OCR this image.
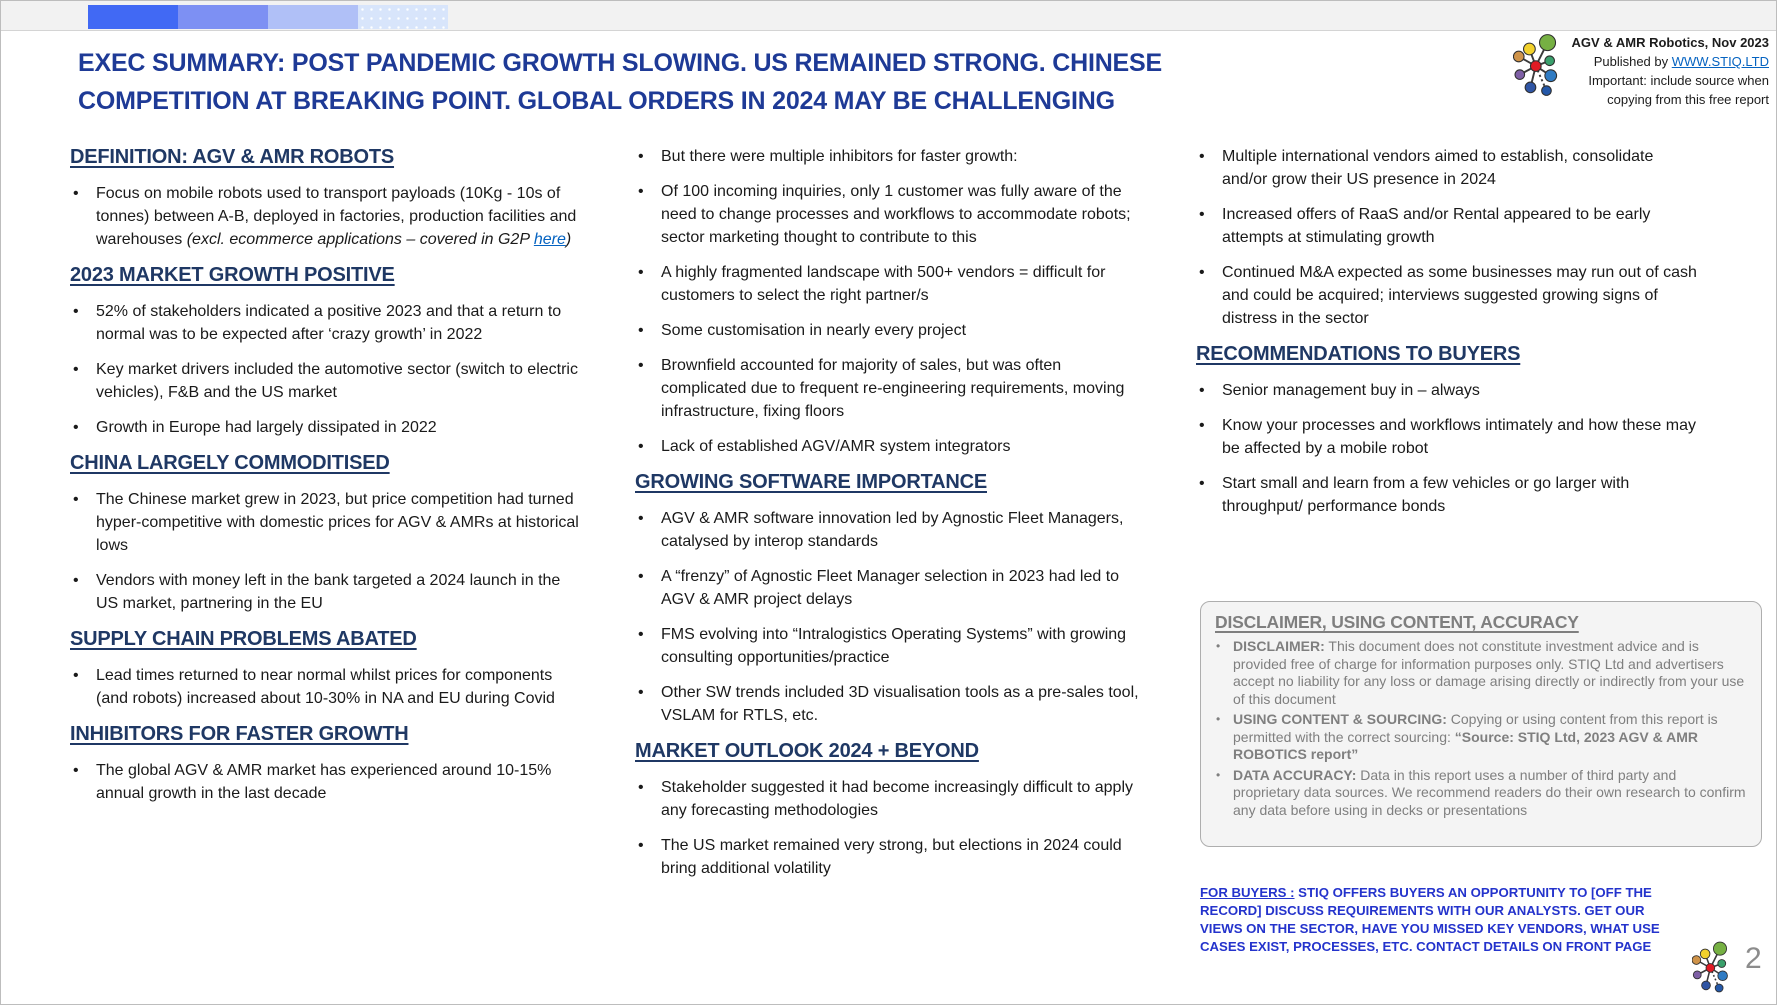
EXEC SUMMARY: POST PANDEMIC GROWTH SLOWING. US REMAINED STRONG. CHINESE
COMPETITION AT BREAKING POINT. GLOBAL ORDERS IN 2024 MAY BE CHALLENGING
AGV & AMR Robotics, Nov 2023
Published by WWW.STIQ.LTD
Important: include source when
copying from this free report
DEFINITION: AGV & AMR ROBOTS
•	Focus on mobile robots used to transport payloads (10Kg - 10s of tonnes) between A-B, deployed in factories, production facilities and warehouses (excl. ecommerce applications – covered in G2P here)
2023 MARKET GROWTH POSITIVE
•	52% of stakeholders indicated a positive 2023 and that a return to normal was to be expected after ‘crazy growth’ in 2022
•	Key market drivers included the automotive sector (switch to electric vehicles), F&B and the US market
•	Growth in Europe had largely dissipated in 2022
CHINA LARGELY COMMODITISED
•	The Chinese market grew in 2023, but price competition had turned hyper-competitive with domestic prices for AGV & AMRs at historical lows
•	Vendors with money left in the bank targeted a 2024 launch in the US market, partnering in the EU
SUPPLY CHAIN PROBLEMS ABATED
•	Lead times returned to near normal whilst prices for components (and robots) increased about 10-30% in NA and EU during Covid
INHIBITORS FOR FASTER GROWTH
•	The global AGV & AMR market has experienced around 10-15% annual growth in the last decade
•	But there were multiple inhibitors for faster growth:
•	Of 100 incoming inquiries, only 1 customer was fully aware of the need to change processes and workflows to accommodate robots; sector marketing thought to contribute to this
•	A highly fragmented landscape with 500+ vendors = difficult for customers to select the right partner/s
•	Some customisation in nearly every project
•	Brownfield accounted for majority of sales, but was often complicated due to frequent re-engineering requirements, moving infrastructure, fixing floors
•	Lack of established AGV/AMR system integrators
GROWING SOFTWARE IMPORTANCE
•	AGV & AMR software innovation led by Agnostic Fleet Managers, catalysed by interop standards
•	A “frenzy” of Agnostic Fleet Manager selection in 2023 had led to AGV & AMR project delays
•	FMS evolving into “Intralogistics Operating Systems” with growing consulting opportunities/practice
•	Other SW trends included 3D visualisation tools as a pre-sales tool, VSLAM for RTLS, etc.
MARKET OUTLOOK 2024 + BEYOND
•	Stakeholder suggested it had become increasingly difficult to apply any forecasting methodologies
•	The US market remained very strong, but elections in 2024 could bring additional volatility
•	Multiple international vendors aimed to establish, consolidate and/or grow their US presence in 2024
•	Increased offers of RaaS and/or Rental appeared to be early attempts at stimulating growth
•	Continued M&A expected as some businesses may run out of cash and could be acquired; interviews suggested growing signs of distress in the sector
RECOMMENDATIONS TO BUYERS
•	Senior management buy in – always
•	Know your processes and workflows intimately and how these may be affected by a mobile robot
•	Start small and learn from a few vehicles or go larger with throughput/ performance bonds
DISCLAIMER, USING CONTENT, ACCURACY
• DISCLAIMER: This document does not constitute investment advice and is provided free of charge for information purposes only. STIQ Ltd and advertisers accept no liability for any loss or damage arising directly or indirectly from your use of this document
• USING CONTENT & SOURCING: Copying or using content from this report is permitted with the correct sourcing: “Source: STIQ Ltd, 2023 AGV & AMR ROBOTICS report”
• DATA ACCURACY: Data in this report uses a number of third party and proprietary data sources. We recommend readers do their own research to confirm any data before using in decks or presentations
FOR BUYERS : STIQ OFFERS BUYERS AN OPPORTUNITY TO [OFF THE RECORD] DISCUSS REQUIREMENTS WITH OUR ANALYSTS. GET OUR VIEWS ON THE SECTOR, HAVE YOU MISSED KEY VENDORS, WHAT USE CASES EXIST, PROCESSES, ETC. CONTACT DETAILS ON FRONT PAGE	2
